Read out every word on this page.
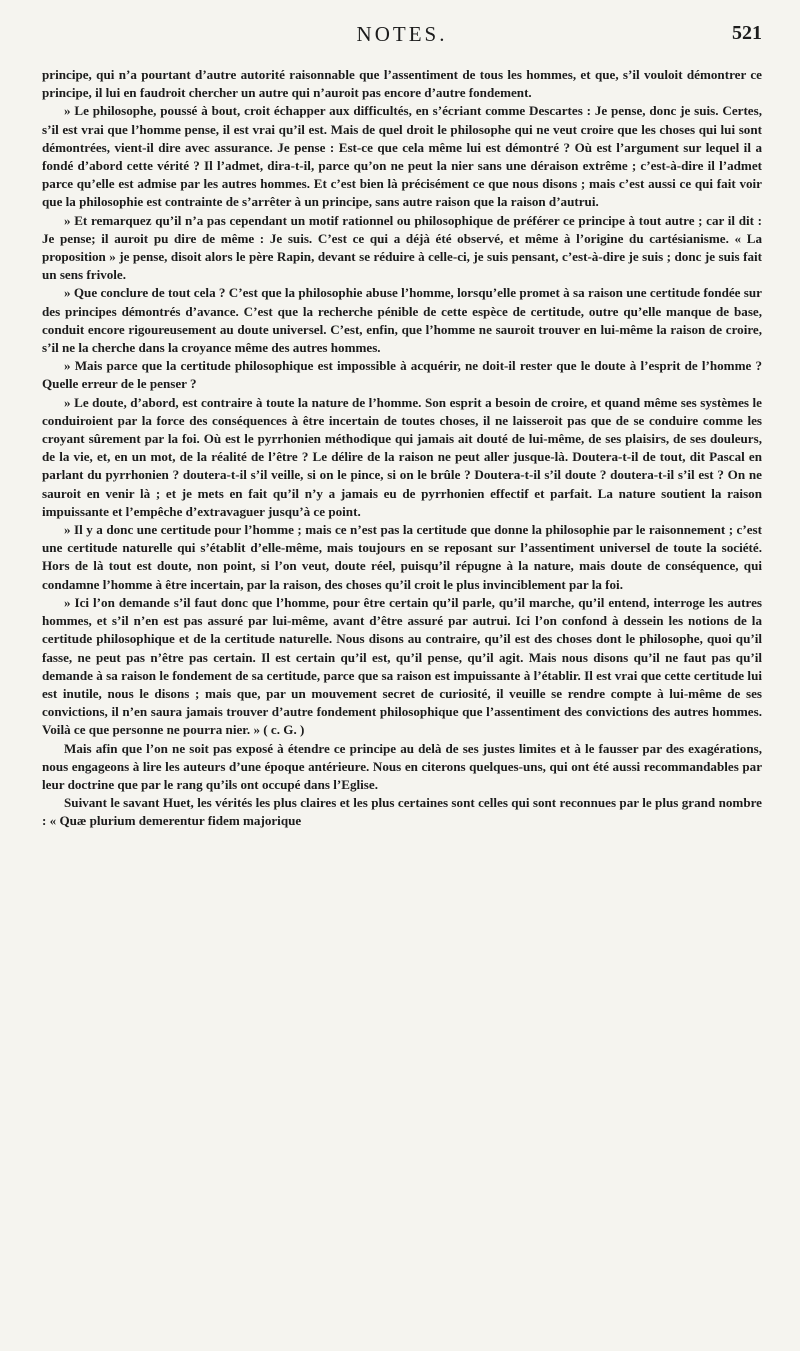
NOTES.	521

principe, qui n’a pourtant d’autre autorité raisonnable que l’assentiment de tous les hommes, et que, s’il vouloit démontrer ce principe, il lui en faudroit chercher un autre qui n’auroit pas encore d’autre fondement.

» Le philosophe, poussé à bout, croit échapper aux difficultés, en s’écriant comme Descartes : Je pense, donc je suis. Certes, s’il est vrai que l’homme pense, il est vrai qu’il est. Mais de quel droit le philosophe qui ne veut croire que les choses qui lui sont démontrées, vient-il dire avec assurance. Je pense : Est-ce que cela même lui est démontré ? Où est l’argument sur lequel il a fondé d’abord cette vérité ? Il l’admet, dira-t-il, parce qu’on ne peut la nier sans une déraison extrême ; c’est-à-dire il l’admet parce qu’elle est admise par les autres hommes. Et c’est bien là précisément ce que nous disons ; mais c’est aussi ce qui fait voir que la philosophie est contrainte de s’arrêter à un principe, sans autre raison que la raison d’autrui.

» Et remarquez qu’il n’a pas cependant un motif rationnel ou philosophique de préférer ce principe à tout autre ; car il dit : Je pense; il auroit pu dire de même : Je suis. C’est ce qui a déjà été observé, et même à l’origine du cartésianisme. « La proposition » je pense, disoit alors le père Rapin, devant se réduire à celle-ci, je suis pensant, c’est-à-dire je suis ; donc je suis fait un sens frivole.

» Que conclure de tout cela ? C’est que la philosophie abuse l’homme, lorsqu’elle promet à sa raison une certitude fondée sur des principes démontrés d’avance. C’est que la recherche pénible de cette espèce de certitude, outre qu’elle manque de base, conduit encore rigoureusement au doute universel. C’est, enfin, que l’homme ne sauroit trouver en lui-même la raison de croire, s’il ne la cherche dans la croyance même des autres hommes.

» Mais parce que la certitude philosophique est impossible à acquérir, ne doit-il rester que le doute à l’esprit de l’homme ? Quelle erreur de le penser ?

» Le doute, d’abord, est contraire à toute la nature de l’homme. Son esprit a besoin de croire, et quand même ses systèmes le conduiroient par la force des conséquences à être incertain de toutes choses, il ne laisseroit pas que de se conduire comme les croyant sûrement par la foi. Où est le pyrrhonien méthodique qui jamais ait douté de lui-même, de ses plaisirs, de ses douleurs, de la vie, et, en un mot, de la réalité de l’être ? Le délire de la raison ne peut aller jusque-là. Doutera-t-il de tout, dit Pascal en parlant du pyrrhonien ? doutera-t-il s’il veille, si on le pince, si on le brûle ? Doutera-t-il s’il doute ? doutera-t-il s’il est ? On ne sauroit en venir là ; et je mets en fait qu’il n’y a jamais eu de pyrrhonien effectif et parfait. La nature soutient la raison impuissante et l’empêche d’extravaguer jusqu’à ce point.

» Il y a donc une certitude pour l’homme ; mais ce n’est pas la certitude que donne la philosophie par le raisonnement ; c’est une certitude naturelle qui s’établit d’elle-même, mais toujours en se reposant sur l’assentiment universel de toute la société. Hors de là tout est doute, non point, si l’on veut, doute réel, puisqu’il répugne à la nature, mais doute de conséquence, qui condamne l’homme à être incertain, par la raison, des choses qu’il croit le plus invinciblement par la foi.

» Ici l’on demande s’il faut donc que l’homme, pour être certain qu’il parle, qu’il marche, qu’il entend, interroge les autres hommes, et s’il n’en est pas assuré par lui-même, avant d’être assuré par autrui. Ici l’on confond à dessein les notions de la certitude philosophique et de la certitude naturelle. Nous disons au contraire, qu’il est des choses dont le philosophe, quoi qu’il fasse, ne peut pas n’être pas certain. Il est certain qu’il est, qu’il pense, qu’il agit. Mais nous disons qu’il ne faut pas qu’il demande à sa raison le fondement de sa certitude, parce que sa raison est impuissante à l’établir. Il est vrai que cette certitude lui est inutile, nous le disons ; mais que, par un mouvement secret de curiosité, il veuille se rendre compte à lui-même de ses convictions, il n’en saura jamais trouver d’autre fondement philosophique que l’assentiment des convictions des autres hommes. Voilà ce que personne ne pourra nier. » ( c. G. )

Mais afin que l’on ne soit pas exposé à étendre ce principe au delà de ses justes limites et à le fausser par des exagérations, nous engageons à lire les auteurs d’une époque antérieure. Nous en citerons quelques-uns, qui ont été aussi recommandables par leur doctrine que par le rang qu’ils ont occupé dans l’Eglise.

Suivant le savant Huet, les vérités les plus claires et les plus certaines sont celles qui sont reconnues par le plus grand nombre : « Quæ plurium demerentur fidem majorique
